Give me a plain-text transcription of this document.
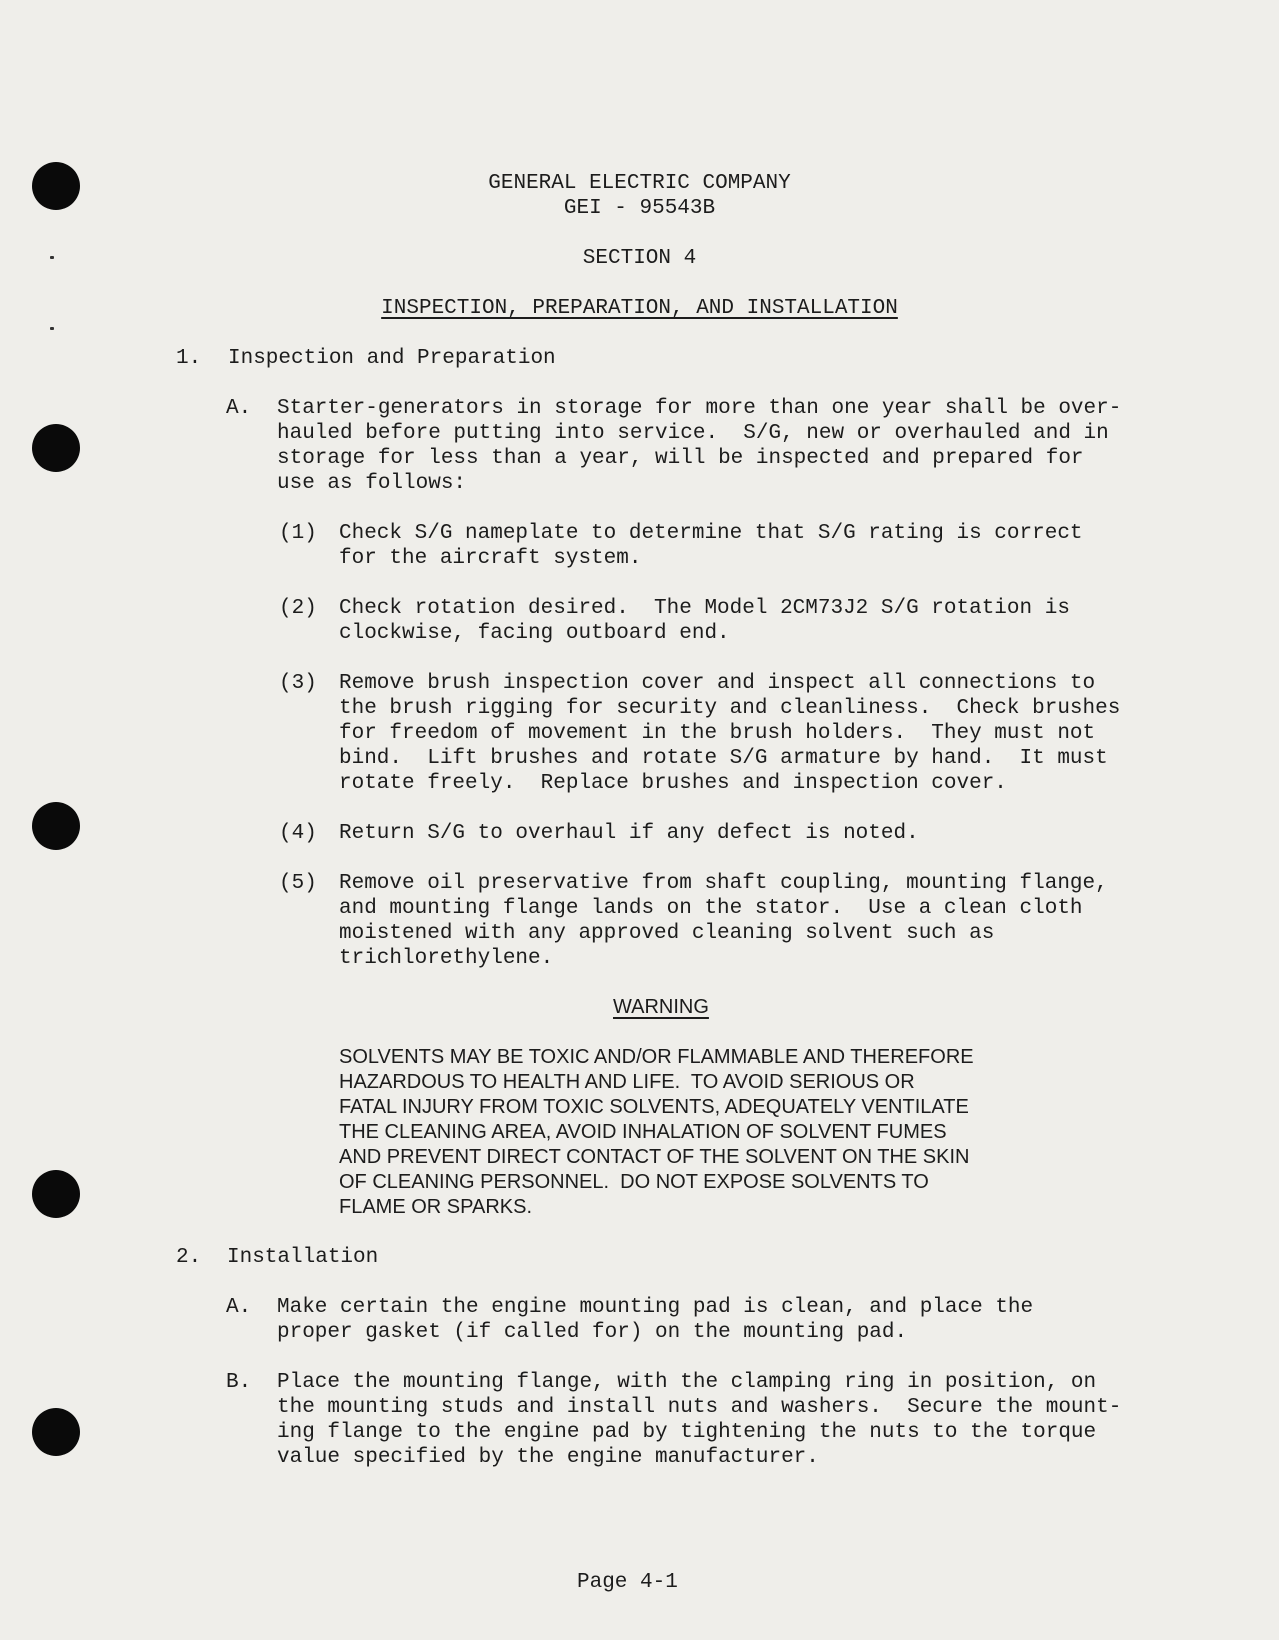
GENERAL ELECTRIC COMPANY

GEI - 95543B

SECTION 4

INSPECTION, PREPARATION, AND INSTALLATION

1. Inspection and Preparation

A. Starter-generators in storage for more than one year shall be over-

hauled before putting into service.  S/G, new or overhauled and in

storage for less than a year, will be inspected and prepared for

use as follows:

(1) Check S/G nameplate to determine that S/G rating is correct

for the aircraft system.

(2) Check rotation desired.  The Model 2CM73J2 S/G rotation is

clockwise, facing outboard end.

(3) Remove brush inspection cover and inspect all connections to

the brush rigging for security and cleanliness.  Check brushes

for freedom of movement in the brush holders.  They must not

bind.  Lift brushes and rotate S/G armature by hand.  It must

rotate freely.  Replace brushes and inspection cover.

(4) Return S/G to overhaul if any defect is noted.

(5) Remove oil preservative from shaft coupling, mounting flange,

and mounting flange lands on the stator.  Use a clean cloth

moistened with any approved cleaning solvent such as

trichlorethylene.

WARNING

SOLVENTS MAY BE TOXIC AND/OR FLAMMABLE AND THEREFORE

HAZARDOUS TO HEALTH AND LIFE.  TO AVOID SERIOUS OR

FATAL INJURY FROM TOXIC SOLVENTS, ADEQUATELY VENTILATE

THE CLEANING AREA, AVOID INHALATION OF SOLVENT FUMES

AND PREVENT DIRECT CONTACT OF THE SOLVENT ON THE SKIN

OF CLEANING PERSONNEL.  DO NOT EXPOSE SOLVENTS TO

FLAME OR SPARKS.

2. Installation

A. Make certain the engine mounting pad is clean, and place the

proper gasket (if called for) on the mounting pad.

B. Place the mounting flange, with the clamping ring in position, on

the mounting studs and install nuts and washers.  Secure the mount-

ing flange to the engine pad by tightening the nuts to the torque

value specified by the engine manufacturer.

Page 4-1
